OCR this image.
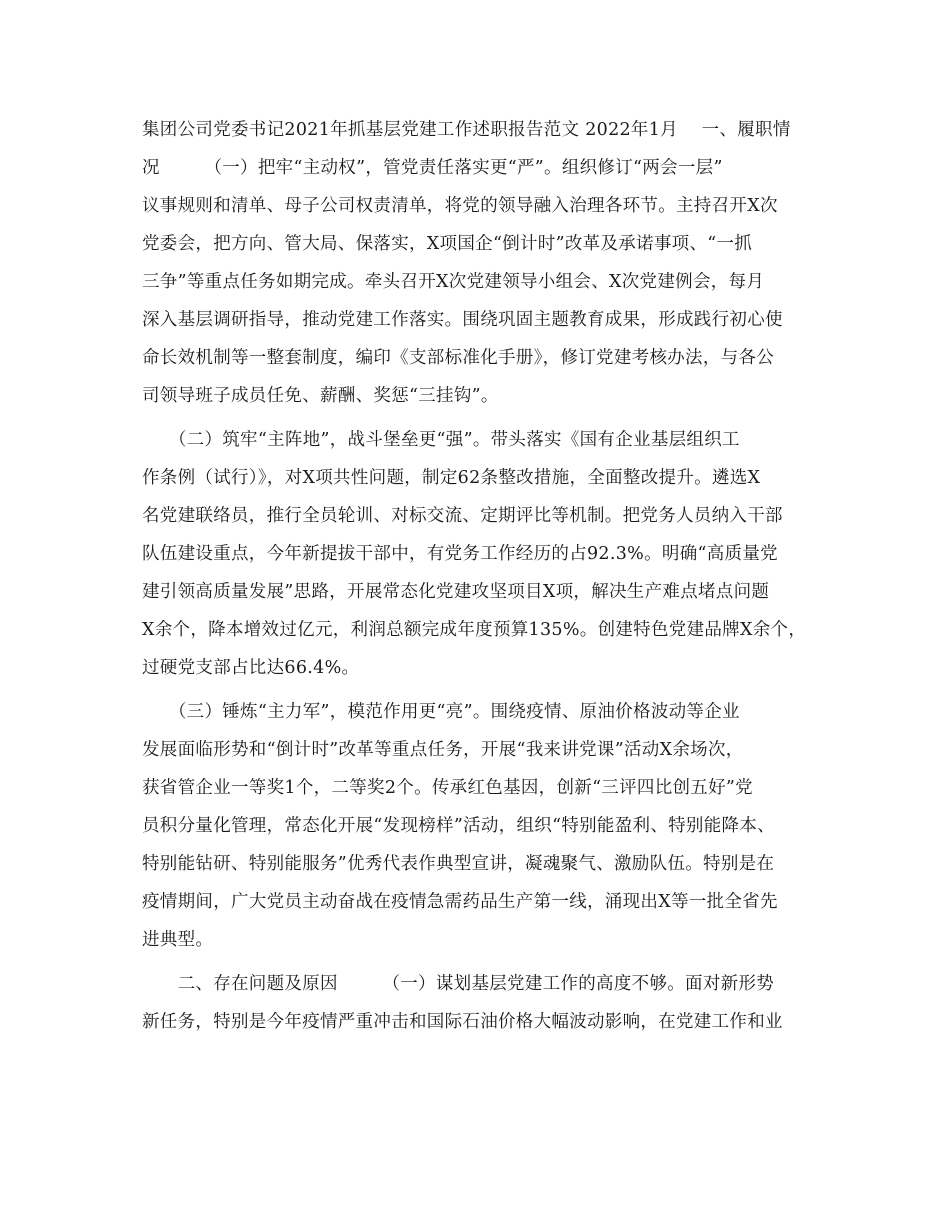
集团公司党委书记2021年抓基层党建工作述职报告范文 2022年1月　 一、履职情
况　　　（一）把牢“主动权”，管党责任落实更“严”。组织修订“两会一层”
议事规则和清单、母子公司权责清单，将党的领导融入治理各环节。主持召开X次
党委会，把方向、管大局、保落实，X项国企“倒计时”改革及承诺事项、“一抓
三争”等重点任务如期完成。牵头召开X次党建领导小组会、X次党建例会，每月
深入基层调研指导，推动党建工作落实。围绕巩固主题教育成果，形成践行初心使
命长效机制等一整套制度，编印《支部标准化手册》，修订党建考核办法，与各公
司领导班子成员任免、薪酬、奖惩“三挂钩”。
　　（二）筑牢“主阵地”，战斗堡垒更“强”。带头落实《国有企业基层组织工
作条例（试行）》，对X项共性问题，制定62条整改措施，全面整改提升。遴选X
名党建联络员，推行全员轮训、对标交流、定期评比等机制。把党务人员纳入干部
队伍建设重点，今年新提拔干部中，有党务工作经历的占92.3%。明确“高质量党
建引领高质量发展”思路，开展常态化党建攻坚项目X项，解决生产难点堵点问题
X余个，降本增效过亿元，利润总额完成年度预算135%。创建特色党建品牌X余个，
过硬党支部占比达66.4%。
　　（三）锤炼“主力军”，模范作用更“亮”。围绕疫情、原油价格波动等企业
发展面临形势和“倒计时”改革等重点任务，开展“我来讲党课”活动X余场次，
获省管企业一等奖1个，二等奖2个。传承红色基因，创新“三评四比创五好”党
员积分量化管理，常态化开展“发现榜样”活动，组织“特别能盈利、特别能降本、
特别能钻研、特别能服务”优秀代表作典型宣讲，凝魂聚气、激励队伍。特别是在
疫情期间，广大党员主动奋战在疫情急需药品生产第一线，涌现出X等一批全省先
进典型。
　　二、存在问题及原因　　　（一）谋划基层党建工作的高度不够。面对新形势
新任务，特别是今年疫情严重冲击和国际石油价格大幅波动影响，在党建工作和业
